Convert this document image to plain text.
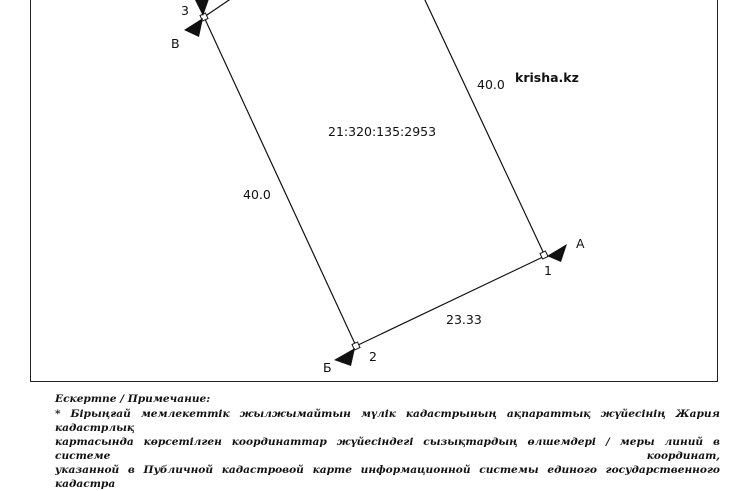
krisha.kz
21:320:135:2953
40.0
40.0
23.33
1
2
3
А
Б
В
Ескертпе / Примечание:
* Бірыңғай мемлекеттік жылжымайтын мүлік кадастрының ақпараттық жүйесінің Жария кадастрлық
картасында көрсетілген координаттар жүйесіндегі сызықтардың өлшемдері / меры линий в системе координат,
указанной в Публичной кадастровой карте информационной системы единого государственного кадастра
